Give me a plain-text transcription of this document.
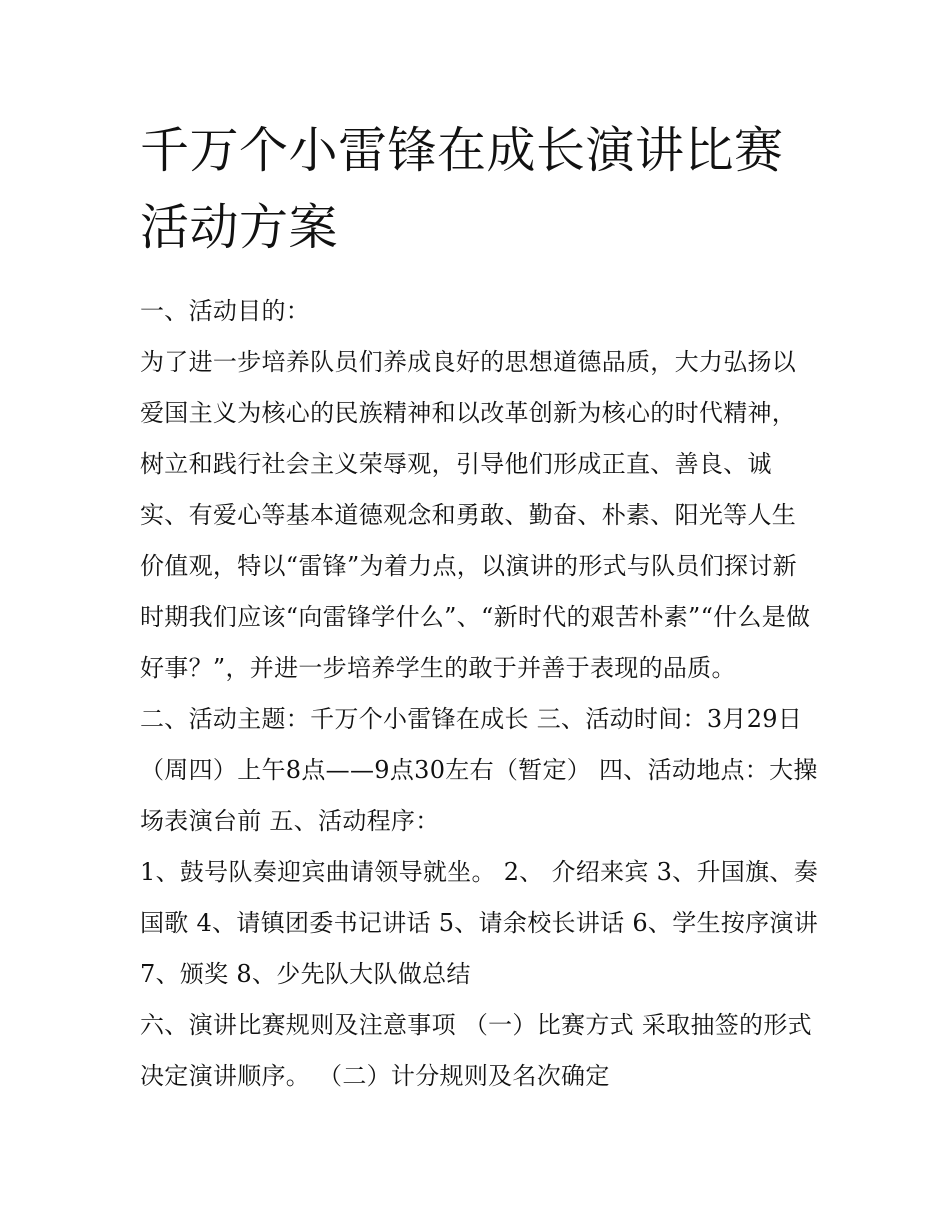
千万个小雷锋在成长演讲比赛活动方案

一、活动目的：

为了进一步培养队员们养成良好的思想道德品质，大力弘扬以爱国主义为核心的民族精神和以改革创新为核心的时代精神，树立和践行社会主义荣辱观，引导他们形成正直、善良、诚实、有爱心等基本道德观念和勇敢、勤奋、朴素、阳光等人生价值观，特以“雷锋”为着力点，以演讲的形式与队员们探讨新时期我们应该“向雷锋学什么”、“新时代的艰苦朴素”“什么是做好事？”，并进一步培养学生的敢于并善于表现的品质。

二、活动主题：千万个小雷锋在成长 三、活动时间：3月29日（周四）上午8点——9点30左右（暂定） 四、活动地点：大操场表演台前 五、活动程序：

1、鼓号队奏迎宾曲请领导就坐。 2、 介绍来宾 3、升国旗、奏国歌 4、请镇团委书记讲话 5、请余校长讲话 6、学生按序演讲 7、颁奖 8、少先队大队做总结

六、演讲比赛规则及注意事项 （一）比赛方式 采取抽签的形式决定演讲顺序。 （二）计分规则及名次确定
